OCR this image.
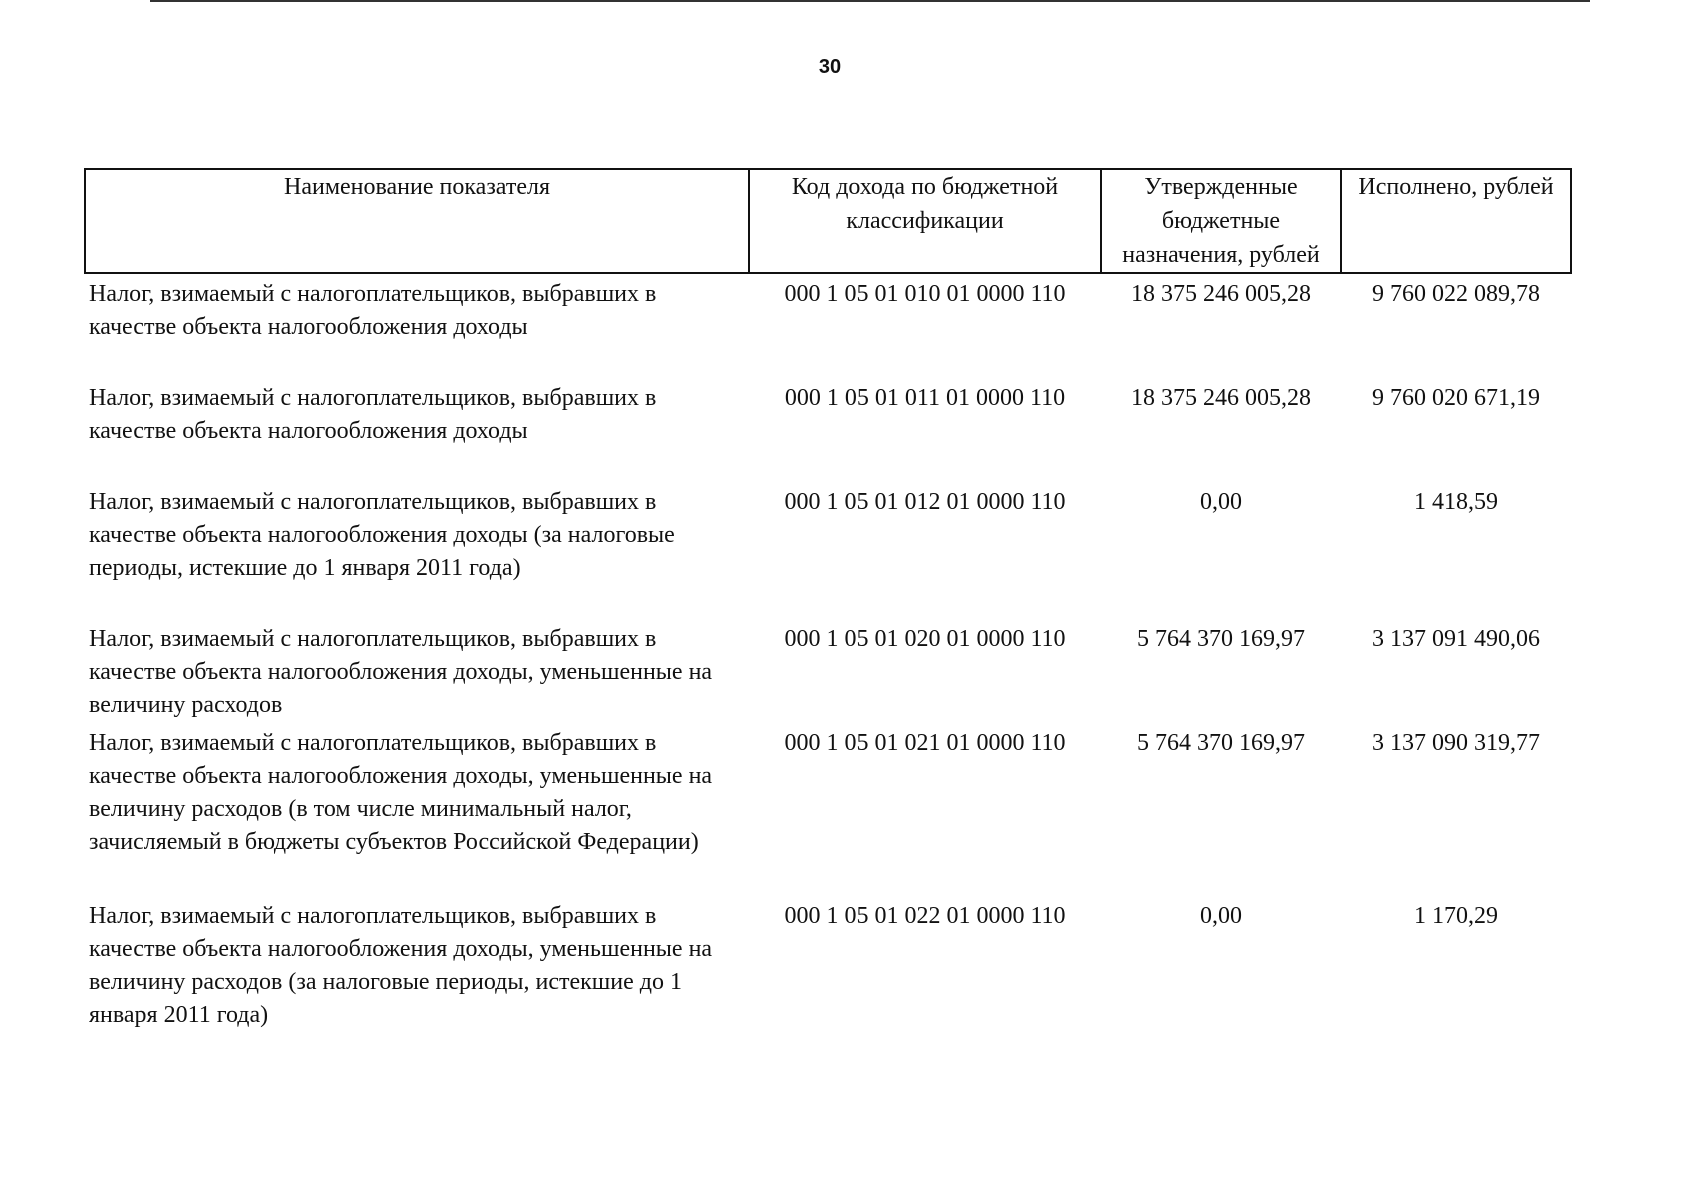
30
Наименование показателя	Код дохода по бюджетной классификации	Утвержденные бюджетные назначения, рублей	Исполнено, рублей
Налог, взимаемый с налогоплательщиков, выбравших в качестве объекта налогообложения доходы	000 1 05 01 010 01 0000 110	18 375 246 005,28	9 760 022 089,78
Налог, взимаемый с налогоплательщиков, выбравших в качестве объекта налогообложения доходы	000 1 05 01 011 01 0000 110	18 375 246 005,28	9 760 020 671,19
Налог, взимаемый с налогоплательщиков, выбравших в качестве объекта налогообложения доходы (за налоговые периоды, истекшие до 1 января 2011 года)	000 1 05 01 012 01 0000 110	0,00	1 418,59
Налог, взимаемый с налогоплательщиков, выбравших в качестве объекта налогообложения доходы, уменьшенные на величину расходов	000 1 05 01 020 01 0000 110	5 764 370 169,97	3 137 091 490,06
Налог, взимаемый с налогоплательщиков, выбравших в качестве объекта налогообложения доходы, уменьшенные на величину расходов (в том числе минимальный налог, зачисляемый в бюджеты субъектов Российской Федерации)	000 1 05 01 021 01 0000 110	5 764 370 169,97	3 137 090 319,77
Налог, взимаемый с налогоплательщиков, выбравших в качестве объекта налогообложения доходы, уменьшенные на величину расходов (за налоговые периоды, истекшие до 1 января 2011 года)	000 1 05 01 022 01 0000 110	0,00	1 170,29
